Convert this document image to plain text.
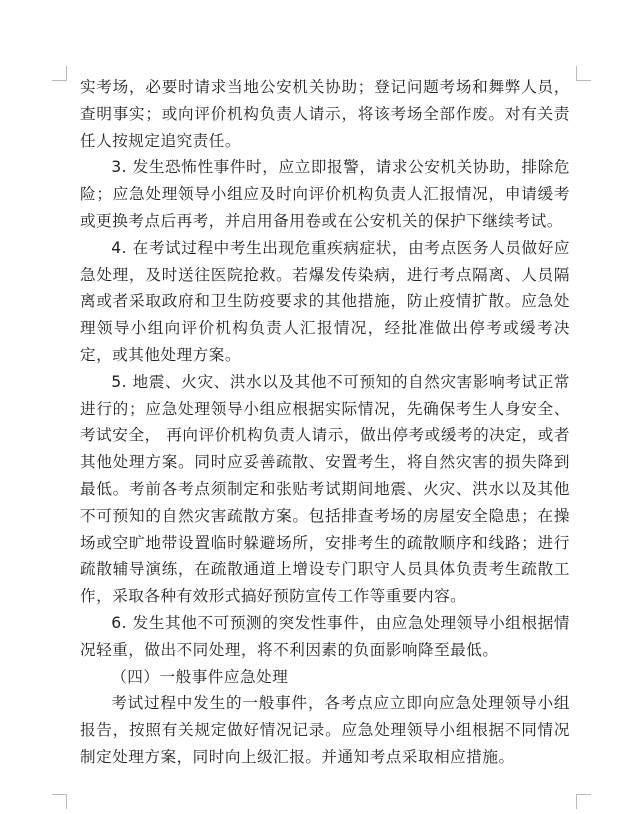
实考场，必要时请求当地公安机关协助；登记问题考场和舞弊人员，查明事实；或向评价机构负责人请示，将该考场全部作废。对有关责任人按规定追究责任。

3. 发生恐怖性事件时，应立即报警，请求公安机关协助，排除危险；应急处理领导小组应及时向评价机构负责人汇报情况，申请缓考或更换考点后再考，并启用备用卷或在公安机关的保护下继续考试。

4. 在考试过程中考生出现危重疾病症状，由考点医务人员做好应急处理，及时送往医院抢救。若爆发传染病，进行考点隔离、人员隔离或者采取政府和卫生防疫要求的其他措施，防止疫情扩散。应急处理领导小组向评价机构负责人汇报情况，经批准做出停考或缓考决定，或其他处理方案。

5. 地震、火灾、洪水以及其他不可预知的自然灾害影响考试正常进行的；应急处理领导小组应根据实际情况，先确保考生人身安全、考试安全， 再向评价机构负责人请示，做出停考或缓考的决定，或者其他处理方案。同时应妥善疏散、安置考生，将自然灾害的损失降到最低。考前各考点须制定和张贴考试期间地震、火灾、洪水以及其他不可预知的自然灾害疏散方案。包括排查考场的房屋安全隐患；在操场或空旷地带设置临时躲避场所，安排考生的疏散顺序和线路；进行疏散辅导演练，在疏散通道上增设专门职守人员具体负责考生疏散工作，采取各种有效形式搞好预防宣传工作等重要内容。

6. 发生其他不可预测的突发性事件，由应急处理领导小组根据情况轻重，做出不同处理，将不利因素的负面影响降至最低。

（四）一般事件应急处理

考试过程中发生的一般事件，各考点应立即向应急处理领导小组报告，按照有关规定做好情况记录。应急处理领导小组根据不同情况制定处理方案，同时向上级汇报。并通知考点采取相应措施。
